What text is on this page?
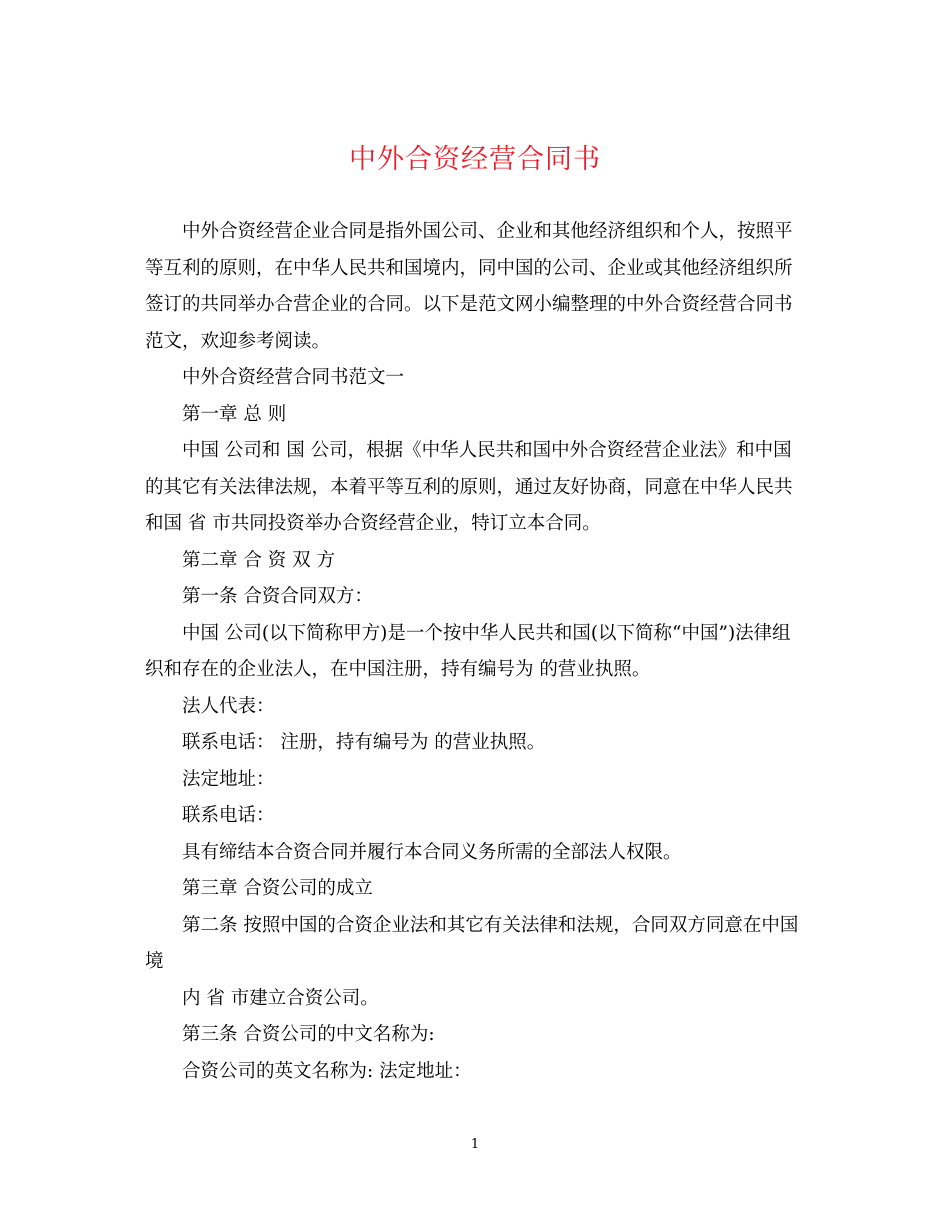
中外合资经营合同书

中外合资经营企业合同是指外国公司、企业和其他经济组织和个人，按照平等互利的原则，在中华人民共和国境内，同中国的公司、企业或其他经济组织所签订的共同举办合营企业的合同。以下是范文网小编整理的中外合资经营合同书范文，欢迎参考阅读。

中外合资经营合同书范文一

第一章 总 则

中国 公司和 国 公司，根据《中华人民共和国中外合资经营企业法》和中国的其它有关法律法规，本着平等互利的原则，通过友好协商，同意在中华人民共和国 省 市共同投资举办合资经营企业，特订立本合同。

第二章 合 资 双 方

第一条 合资合同双方：

中国 公司(以下简称甲方)是一个按中华人民共和国(以下简称“中国”)法律组织和存在的企业法人，在中国注册，持有编号为 的营业执照。

法人代表：

联系电话： 注册，持有编号为 的营业执照。

法定地址：

联系电话：

具有缔结本合资合同并履行本合同义务所需的全部法人权限。

第三章 合资公司的成立

第二条 按照中国的合资企业法和其它有关法律和法规，合同双方同意在中国境

内 省 市建立合资公司。

第三条 合资公司的中文名称为:

合资公司的英文名称为: 法定地址：

1
